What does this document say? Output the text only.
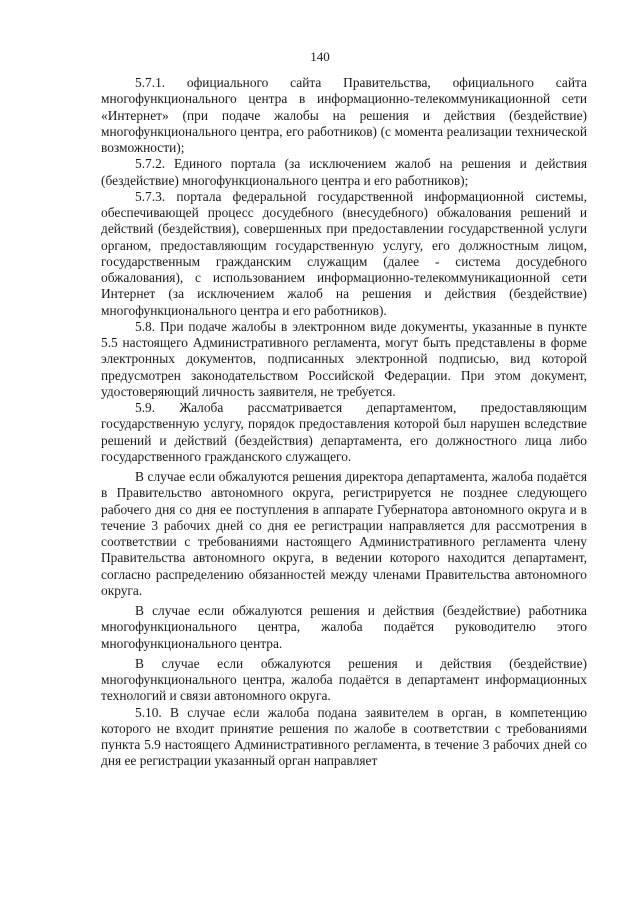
140

5.7.1. официального сайта Правительства, официального сайта многофункционального центра в информационно-телекоммуникационной сети «Интернет» (при подаче жалобы на решения и действия (бездействие) многофункционального центра, его работников) (с момента реализации технической возможности);

5.7.2. Единого портала (за исключением жалоб на решения и действия (бездействие) многофункционального центра и его работников);

5.7.3. портала федеральной государственной информационной системы, обеспечивающей процесс досудебного (внесудебного) обжалования решений и действий (бездействия), совершенных при предоставлении государственной услуги органом, предоставляющим государственную услугу, его должностным лицом, государственным гражданским служащим (далее - система досудебного обжалования), с использованием информационно-телекоммуникационной сети Интернет (за исключением жалоб на решения и действия (бездействие) многофункционального центра и его работников).

5.8. При подаче жалобы в электронном виде документы, указанные в пункте 5.5 настоящего Административного регламента, могут быть представлены в форме электронных документов, подписанных электронной подписью, вид которой предусмотрен законодательством Российской Федерации. При этом документ, удостоверяющий личность заявителя, не требуется.

5.9. Жалоба рассматривается департаментом, предоставляющим государственную услугу, порядок предоставления которой был нарушен вследствие решений и действий (бездействия) департамента, его должностного лица либо государственного гражданского служащего.

В случае если обжалуются решения директора департамента, жалоба подаётся в Правительство автономного округа, регистрируется не позднее следующего рабочего дня со дня ее поступления в аппарате Губернатора автономного округа и в течение 3 рабочих дней со дня ее регистрации направляется для рассмотрения в соответствии с требованиями настоящего Административного регламента члену Правительства автономного округа, в ведении которого находится департамент, согласно распределению обязанностей между членами Правительства автономного округа.

В случае если обжалуются решения и действия (бездействие) работника многофункционального центра, жалоба подаётся руководителю этого многофункционального центра.

В случае если обжалуются решения и действия (бездействие) многофункционального центра, жалоба подаётся в департамент информационных технологий и связи автономного округа.

5.10. В случае если жалоба подана заявителем в орган, в компетенцию которого не входит принятие решения по жалобе в соответствии с требованиями пункта 5.9 настоящего Административного регламента, в течение 3 рабочих дней со дня ее регистрации указанный орган направляет
